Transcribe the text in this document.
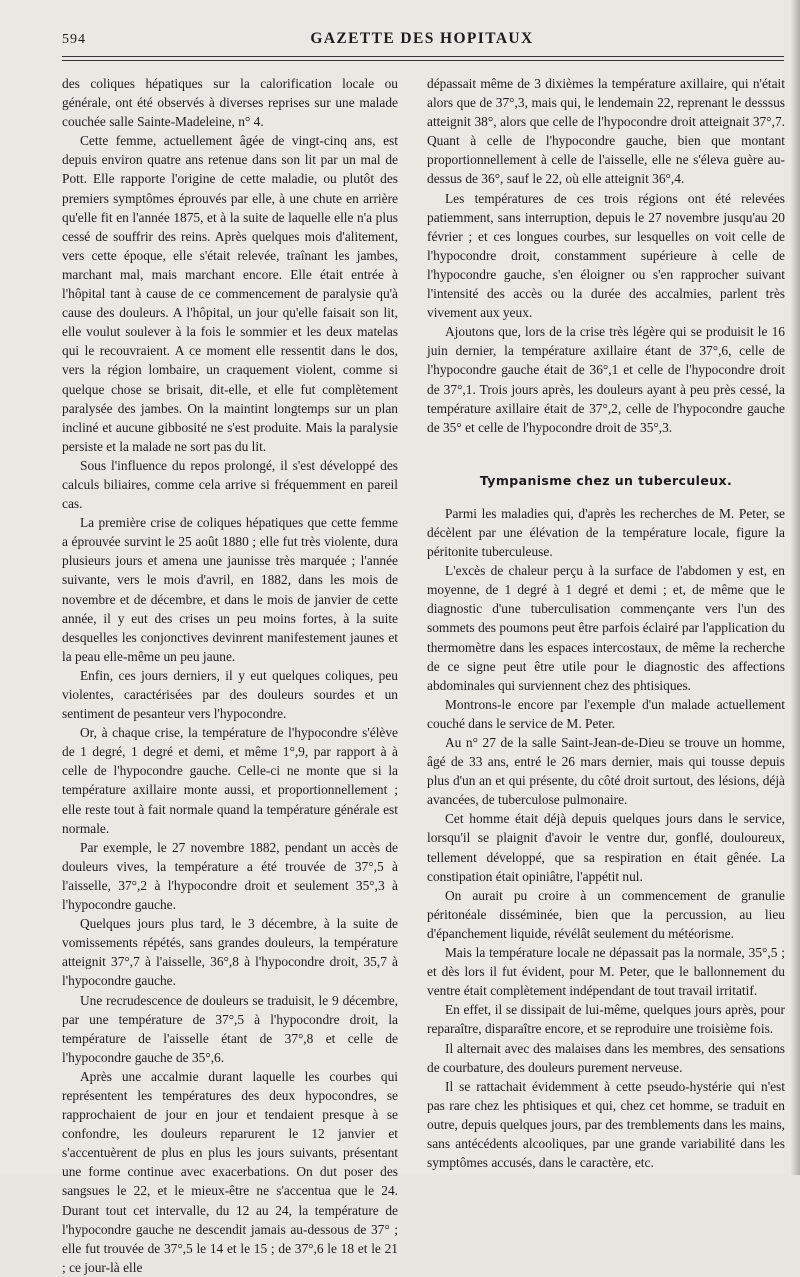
594	GAZETTE DES HOPITAUX

des coliques hépatiques sur la calorification locale ou générale, ont été observés à diverses reprises sur une malade couchée salle Sainte-Madeleine, n° 4.

Cette femme, actuellement âgée de vingt-cinq ans, est depuis environ quatre ans retenue dans son lit par un mal de Pott. Elle rapporte l'origine de cette maladie, ou plutôt des premiers symptômes éprouvés par elle, à une chute en arrière qu'elle fit en l'année 1875, et à la suite de laquelle elle n'a plus cessé de souffrir des reins. Après quelques mois d'alitement, vers cette époque, elle s'était relevée, traînant les jambes, marchant mal, mais marchant encore. Elle était entrée à l'hôpital tant à cause de ce commencement de paralysie qu'à cause des douleurs. A l'hôpital, un jour qu'elle faisait son lit, elle voulut soulever à la fois le sommier et les deux matelas qui le recouvraient. A ce moment elle ressentit dans le dos, vers la région lombaire, un craquement violent, comme si quelque chose se brisait, dit-elle, et elle fut complètement paralysée des jambes. On la maintint longtemps sur un plan incliné et aucune gibbosité ne s'est produite. Mais la paralysie persiste et la malade ne sort pas du lit.

Sous l'influence du repos prolongé, il s'est développé des calculs biliaires, comme cela arrive si fréquemment en pareil cas.

La première crise de coliques hépatiques que cette femme a éprouvée survint le 25 août 1880 ; elle fut très violente, dura plusieurs jours et amena une jaunisse très marquée ; l'année suivante, vers le mois d'avril, en 1882, dans les mois de novembre et de décembre, et dans le mois de janvier de cette année, il y eut des crises un peu moins fortes, à la suite desquelles les conjonctives devinrent manifestement jaunes et la peau elle-même un peu jaune.

Enfin, ces jours derniers, il y eut quelques coliques, peu violentes, caractérisées par des douleurs sourdes et un sentiment de pesanteur vers l'hypocondre.

Or, à chaque crise, la température de l'hypocondre s'élève de 1 degré, 1 degré et demi, et même 1°,9, par rapport à à celle de l'hypocondre gauche. Celle-ci ne monte que si la température axillaire monte aussi, et proportionnellement ; elle reste tout à fait normale quand la température générale est normale.

Par exemple, le 27 novembre 1882, pendant un accès de douleurs vives, la température a été trouvée de 37°,5 à l'aisselle, 37°,2 à l'hypocondre droit et seulement 35°,3 à l'hypocondre gauche.

Quelques jours plus tard, le 3 décembre, à la suite de vomissements répétés, sans grandes douleurs, la température atteignit 37°,7 à l'aisselle, 36°,8 à l'hypocondre droit, 35,7 à l'hypocondre gauche.

Une recrudescence de douleurs se traduisit, le 9 décembre, par une température de 37°,5 à l'hypocondre droit, la température de l'aisselle étant de 37°,8 et celle de l'hypocondre gauche de 35°,6.

Après une accalmie durant laquelle les courbes qui représentent les températures des deux hypocondres, se rapprochaient de jour en jour et tendaient presque à se confondre, les douleurs reparurent le 12 janvier et s'accentuèrent de plus en plus les jours suivants, présentant une forme continue avec exacerbations. On dut poser des sangsues le 22, et le mieux-être ne s'accentua que le 24. Durant tout cet intervalle, du 12 au 24, la température de l'hypocondre gauche ne descendit jamais au-dessous de 37° ; elle fut trouvée de 37°,5 le 14 et le 15 ; de 37°,6 le 18 et le 21 ; ce jour-là elle

dépassait même de 3 dixièmes la température axillaire, qui n'était alors que de 37°,3, mais qui, le lendemain 22, reprenant le desssus atteignit 38°, alors que celle de l'hypocondre droit atteignait 37°,7. Quant à celle de l'hypocondre gauche, bien que montant proportionnellement à celle de l'aisselle, elle ne s'éleva guère au-dessus de 36°, sauf le 22, où elle atteignit 36°,4.

Les températures de ces trois régions ont été relevées patiemment, sans interruption, depuis le 27 novembre jusqu'au 20 février ; et ces longues courbes, sur lesquelles on voit celle de l'hypocondre droit, constamment supérieure à celle de l'hypocondre gauche, s'en éloigner ou s'en rapprocher suivant l'intensité des accès ou la durée des accalmies, parlent très vivement aux yeux.

Ajoutons que, lors de la crise très légère qui se produisit le 16 juin dernier, la température axillaire étant de 37°,6, celle de l'hypocondre gauche était de 36°,1 et celle de l'hypocondre droit de 37°,1. Trois jours après, les douleurs ayant à peu près cessé, la température axillaire était de 37°,2, celle de l'hypocondre gauche de 35° et celle de l'hypocondre droit de 35°,3.

Tympanisme chez un tuberculeux.

Parmi les maladies qui, d'après les recherches de M. Peter, se décèlent par une élévation de la température locale, figure la péritonite tuberculeuse.

L'excès de chaleur perçu à la surface de l'abdomen y est, en moyenne, de 1 degré à 1 degré et demi ; et, de même que le diagnostic d'une tuberculisation commençante vers l'un des sommets des poumons peut être parfois éclairé par l'application du thermomètre dans les espaces intercostaux, de même la recherche de ce signe peut être utile pour le diagnostic des affections abdominales qui surviennent chez des phtisiques.

Montrons-le encore par l'exemple d'un malade actuellement couché dans le service de M. Peter.

Au n° 27 de la salle Saint-Jean-de-Dieu se trouve un homme, âgé de 33 ans, entré le 26 mars dernier, mais qui tousse depuis plus d'un an et qui présente, du côté droit surtout, des lésions, déjà avancées, de tuberculose pulmonaire.

Cet homme était déjà depuis quelques jours dans le service, lorsqu'il se plaignit d'avoir le ventre dur, gonflé, douloureux, tellement développé, que sa respiration en était gênée. La constipation était opiniâtre, l'appétit nul.

On aurait pu croire à un commencement de granulie péritonéale disséminée, bien que la percussion, au lieu d'épanchement liquide, révélât seulement du météorisme.

Mais la température locale ne dépassait pas la normale, 35°,5 ; et dès lors il fut évident, pour M. Peter, que le ballonnement du ventre était complètement indépendant de tout travail irritatif.

En effet, il se dissipait de lui-même, quelques jours après, pour reparaître, disparaître encore, et se reproduire une troisième fois.

Il alternait avec des malaises dans les membres, des sensations de courbature, des douleurs purement nerveuse.

Il se rattachait évidemment à cette pseudo-hystérie qui n'est pas rare chez les phtisiques et qui, chez cet homme, se traduit en outre, depuis quelques jours, par des tremblements dans les mains, sans antécédents alcooliques, par une grande variabilité dans les symptômes accusés, dans le caractère, etc.
